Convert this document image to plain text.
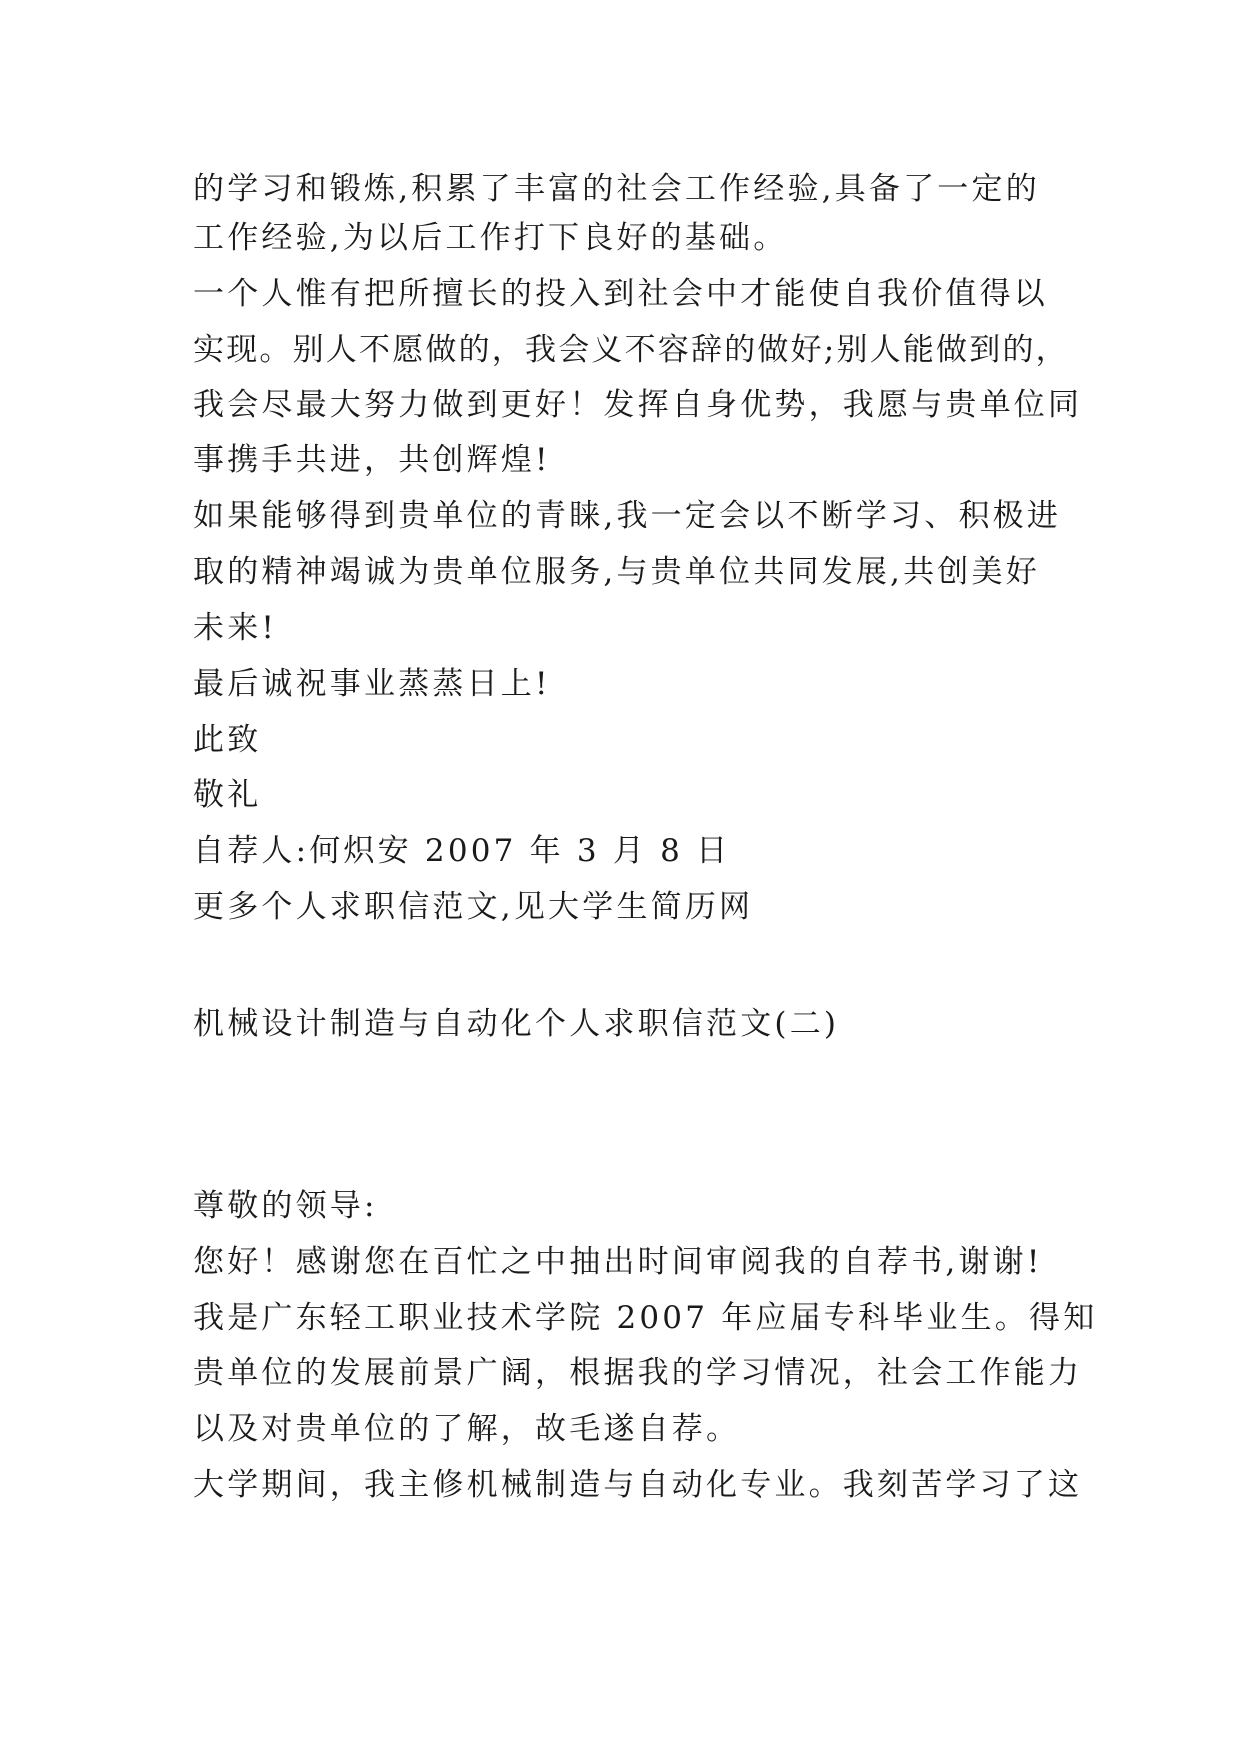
的学习和锻炼,积累了丰富的社会工作经验,具备了一定的
工作经验,为以后工作打下良好的基础。
一个人惟有把所擅长的投入到社会中才能使自我价值得以
实现。别人不愿做的，我会义不容辞的做好;别人能做到的，
我会尽最大努力做到更好！发挥自身优势，我愿与贵单位同
事携手共进，共创辉煌!
如果能够得到贵单位的青睐,我一定会以不断学习、积极进
取的精神竭诚为贵单位服务,与贵单位共同发展,共创美好
未来!
最后诚祝事业蒸蒸日上!
此致
敬礼
自荐人:何炽安 2007 年 3 月 8 日
更多个人求职信范文,见大学生简历网
机械设计制造与自动化个人求职信范文(二)
尊敬的领导:
您好！感谢您在百忙之中抽出时间审阅我的自荐书,谢谢!
我是广东轻工职业技术学院 2007 年应届专科毕业生。得知
贵单位的发展前景广阔，根据我的学习情况，社会工作能力
以及对贵单位的了解，故毛遂自荐。
大学期间，我主修机械制造与自动化专业。我刻苦学习了这
